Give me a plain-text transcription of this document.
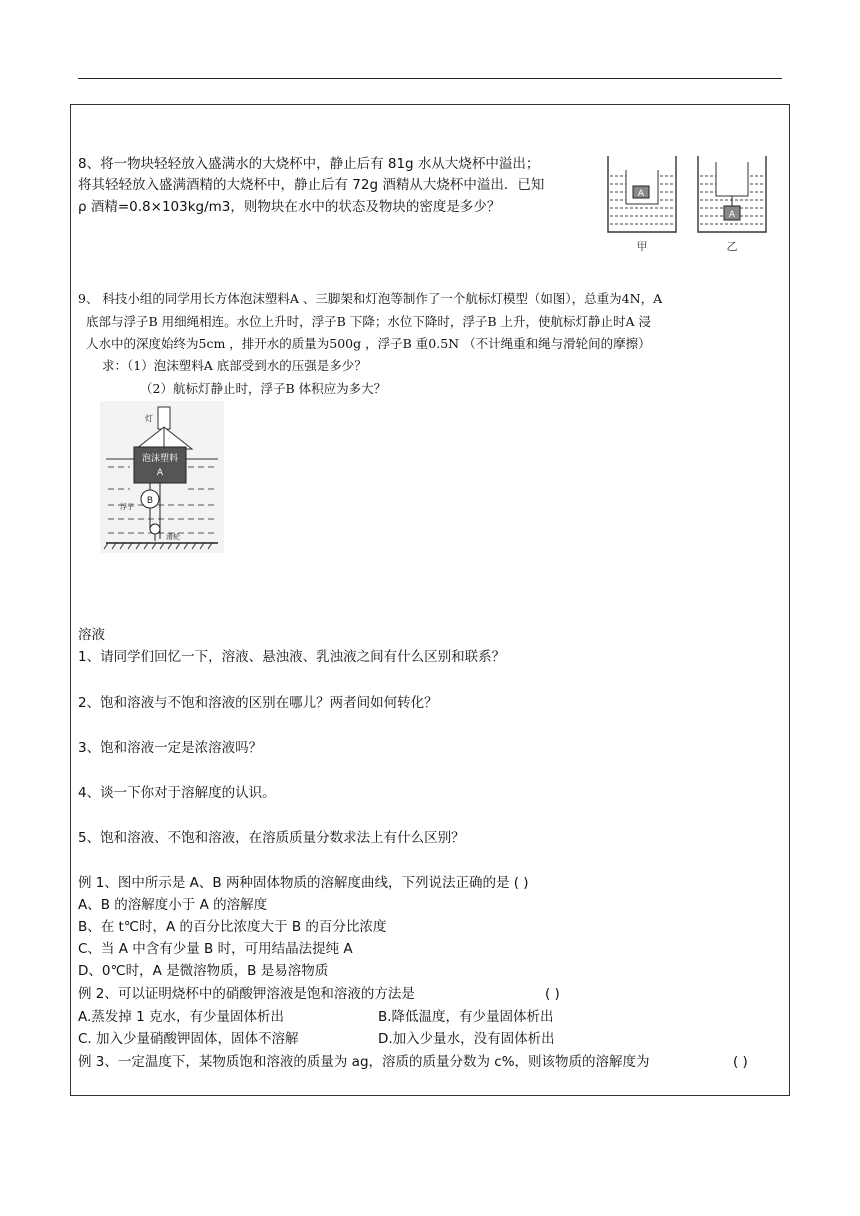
8、将一物块轻轻放入盛满水的大烧杯中，静止后有 81g 水从大烧杯中溢出；
将其轻轻放入盛满酒精的大烧杯中，静止后有 72g 酒精从大烧杯中溢出．已知
ρ 酒精=0.8×103kg/m3，则物块在水中的状态及物块的密度是多少？
A
甲
A
乙
9、 科技小组的同学用长方体泡沫塑料A 、三脚架和灯泡等制作了一个航标灯模型（如图），总重为4N，A
底部与浮子B 用细绳相连。水位上升时，浮子B 下降；水位下降时，浮子B 上升，使航标灯静止时A 浸
人水中的深度始终为5cm ，排开水的质量为500g ，浮子B 重0.5N （不计绳重和绳与滑轮间的摩擦）
求：（1）泡沫塑料A 底部受到水的压强是多少？
（2）航标灯静止时，浮子B 体积应为多大？
灯
泡沫塑料
A
B
浮子
滑轮
溶液
1、请同学们回忆一下，溶液、悬浊液、乳浊液之间有什么区别和联系？
2、饱和溶液与不饱和溶液的区别在哪儿？两者间如何转化？
3、饱和溶液一定是浓溶液吗？
4、谈一下你对于溶解度的认识。
5、饱和溶液、不饱和溶液，在溶质质量分数求法上有什么区别？
例 1、图中所示是 A、B 两种固体物质的溶解度曲线，下列说法正确的是 ( )
A、B 的溶解度小于 A 的溶解度
B、在 t℃时，A 的百分比浓度大于 B 的百分比浓度
C、当 A 中含有少量 B 时，可用结晶法提纯 A
D、0℃时，A 是微溶物质，B 是易溶物质
例 2、可以证明烧杯中的硝酸钾溶液是饱和溶液的方法是	( )
A.蒸发掉 1 克水，有少量固体析出	B.降低温度，有少量固体析出
C. 加入少量硝酸钾固体，固体不溶解	D.加入少量水，没有固体析出
例 3、一定温度下，某物质饱和溶液的质量为 ag，溶质的质量分数为 c%，则该物质的溶解度为	( )
